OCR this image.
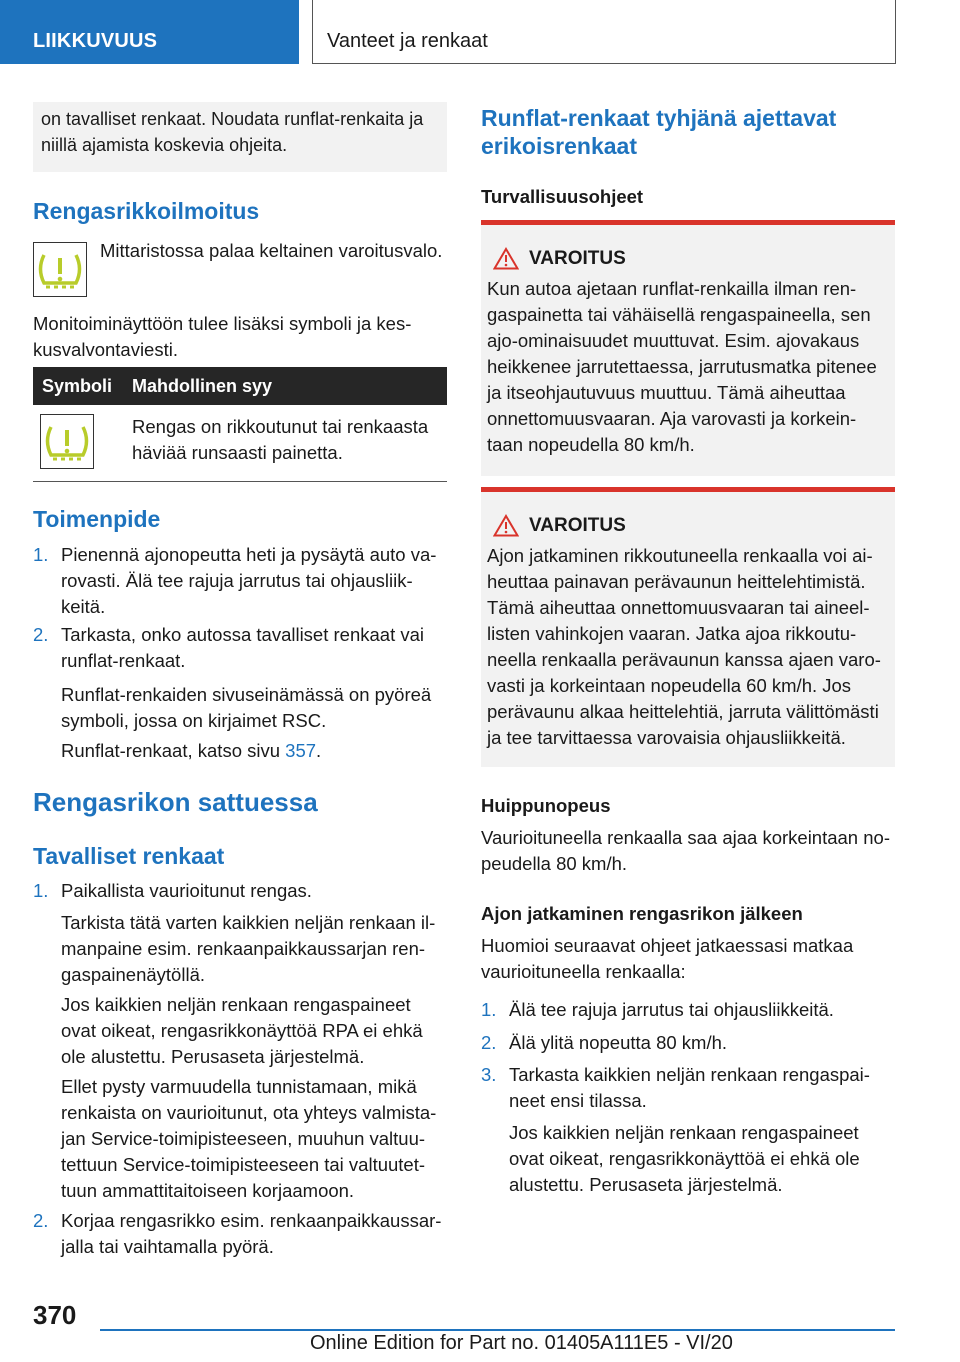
LIIKKUVUUS	Vanteet ja renkaat
on tavalliset renkaat. Noudata runflat-renkaita ja
niillä ajamista koskevia ohjeita.
Rengasrikkoilmoitus
Mittaristossa palaa keltainen varoitusvalo.
Monitoiminäyttöön tulee lisäksi symboli ja kes-
kusvalvontaviesti.
Symboli Mahdollinen syy
Rengas on rikkoutunut tai renkaasta
häviää runsaasti painetta.
Toimenpide
1. Pienennä ajonopeutta heti ja pysäytä auto va-
rovasti. Älä tee rajuja jarrutus tai ohjausliik-
keitä.
2. Tarkasta, onko autossa tavalliset renkaat vai
runflat-renkaat.
Runflat-renkaiden sivuseinämässä on pyöreä
symboli, jossa on kirjaimet RSC.
Runflat-renkaat, katso sivu 357.
Rengasrikon sattuessa
Tavalliset renkaat
1. Paikallista vaurioitunut rengas.
Tarkista tätä varten kaikkien neljän renkaan il-
manpaine esim. renkaanpaikkaussarjan ren-
gaspainenäytöllä.
Jos kaikkien neljän renkaan rengaspaineet
ovat oikeat, rengasrikkonäyttöä RPA ei ehkä
ole alustettu. Perusaseta järjestelmä.
Ellet pysty varmuudella tunnistamaan, mikä
renkaista on vaurioitunut, ota yhteys valmista-
jan Service-toimipisteeseen, muuhun valtuu-
tettuun Service-toimipisteeseen tai valtuutet-
tuun ammattitaitoiseen korjaamoon.
2. Korjaa rengasrikko esim. renkaanpaikkaussar-
jalla tai vaihtamalla pyörä.
Runflat-renkaat tyhjänä ajettavat
erikoisrenkaat
Turvallisuusohjeet
VAROITUS
Kun autoa ajetaan runflat-renkailla ilman ren-
gaspainetta tai vähäisellä rengaspaineella, sen
ajo-ominaisuudet muuttuvat. Esim. ajovakaus
heikkenee jarrutettaessa, jarrutusmatka pitenee
ja itseohjautuvuus muuttuu. Tämä aiheuttaa
onnettomuusvaaran. Aja varovasti ja korkein-
taan nopeudella 80 km/h.
VAROITUS
Ajon jatkaminen rikkoutuneella renkaalla voi ai-
heuttaa painavan perävaunun heittelehtimistä.
Tämä aiheuttaa onnettomuusvaaran tai aineel-
listen vahinkojen vaaran. Jatka ajoa rikkoutu-
neella renkaalla perävaunun kanssa ajaen varo-
vasti ja korkeintaan nopeudella 60 km/h. Jos
perävaunu alkaa heittelehtiä, jarruta välittömästi
ja tee tarvittaessa varovaisia ohjausliikkeitä.
Huippunopeus
Vaurioituneella renkaalla saa ajaa korkeintaan no-
peudella 80 km/h.
Ajon jatkaminen rengasrikon jälkeen
Huomioi seuraavat ohjeet jatkaessasi matkaa
vaurioituneella renkaalla:
1. Älä tee rajuja jarrutus tai ohjausliikkeitä.
2. Älä ylitä nopeutta 80 km/h.
3. Tarkasta kaikkien neljän renkaan rengaspai-
neet ensi tilassa.
Jos kaikkien neljän renkaan rengaspaineet
ovat oikeat, rengasrikkonäyttöä ei ehkä ole
alustettu. Perusaseta järjestelmä.
370
Online Edition for Part no. 01405A111E5 - VI/20
